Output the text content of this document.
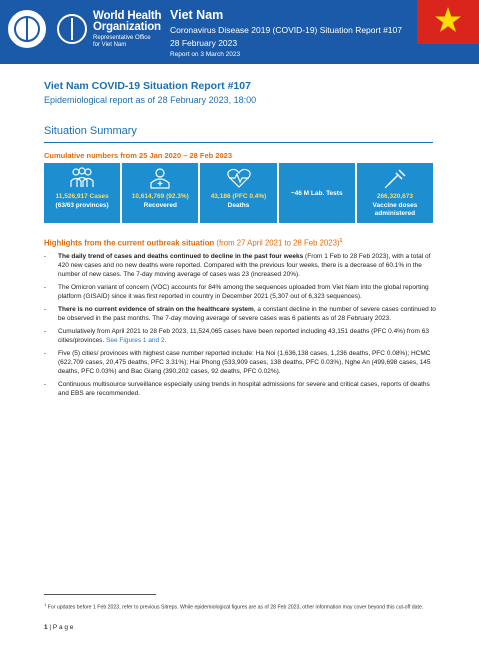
World Health
Organization
Representative Office
for Viet Nam
Viet Nam
Coronavirus Disease 2019 (COVID-19) Situation Report #107
28 February 2023
Report on 3 March 2023
Viet Nam COVID-19 Situation Report #107
Epidemiological report as of 28 February 2023, 18:00
Situation Summary
Cumulative numbers from 25 Jan 2020 – 28 Feb 2023
11,526,917 Cases
(63/63 provinces)
10,614,769 (92.3%)
Recovered
43,186 (PFC 0.4%)
Deaths
~46 M Lab. Tests	266,320,673
Vaccine doses administered
Highlights from the current outbreak situation (from 27 April 2021 to 28 Feb 2023)$^1$
- The daily trend of cases and deaths continued to decline in the past four weeks (From 1 Feb to 28 Feb 2023), with a total of 420 new cases and no new deaths were reported. Compared with the previous four weeks, there is a decrease of 60.1% in the number of new cases. The 7-day moving average of cases was 23 (increased 20%).
- The Omicron variant of concern (VOC) accounts for 84% among the sequences uploaded from Viet Nam into the global reporting platform (GISAID) since it was first reported in country in December 2021 (5,307 out of 6,323 sequences).
- There is no current evidence of strain on the healthcare system, a constant decline in the number of severe cases continued to be observed in the past months. The 7-day moving average of severe cases was 6 patients as of 28 February 2023.
- Cumulatively from April 2021 to 28 Feb 2023, 11,524,065 cases have been reported including 43,151 deaths (PFC 0.4%) from 63 cities/provinces. See Figures 1 and 2.
- Five (5) cities/ provinces with highest case number reported include: Ha Noi (1,636,138 cases, 1,236 deaths, PFC 0.08%); HCMC (622,709 cases, 20,475 deaths, PFC 3.31%); Hai Phong (533,909 cases, 138 deaths, PFC 0.03%), Nghe An (499,698 cases, 145 deaths, PFC 0.03%) and Bac Giang (390,202 cases, 92 deaths, PFC 0.02%).
- Continuous multisource surveillance especially using trends in hospital admissions for severe and critical cases, reports of deaths and EBS are recommended.
$^1$ For updates before 1 Feb 2023, refer to previous Sitreps. While epidemiological figures are as of 28 Feb 2023, other information may cover beyond this cut-off date.
1 | P a g e
